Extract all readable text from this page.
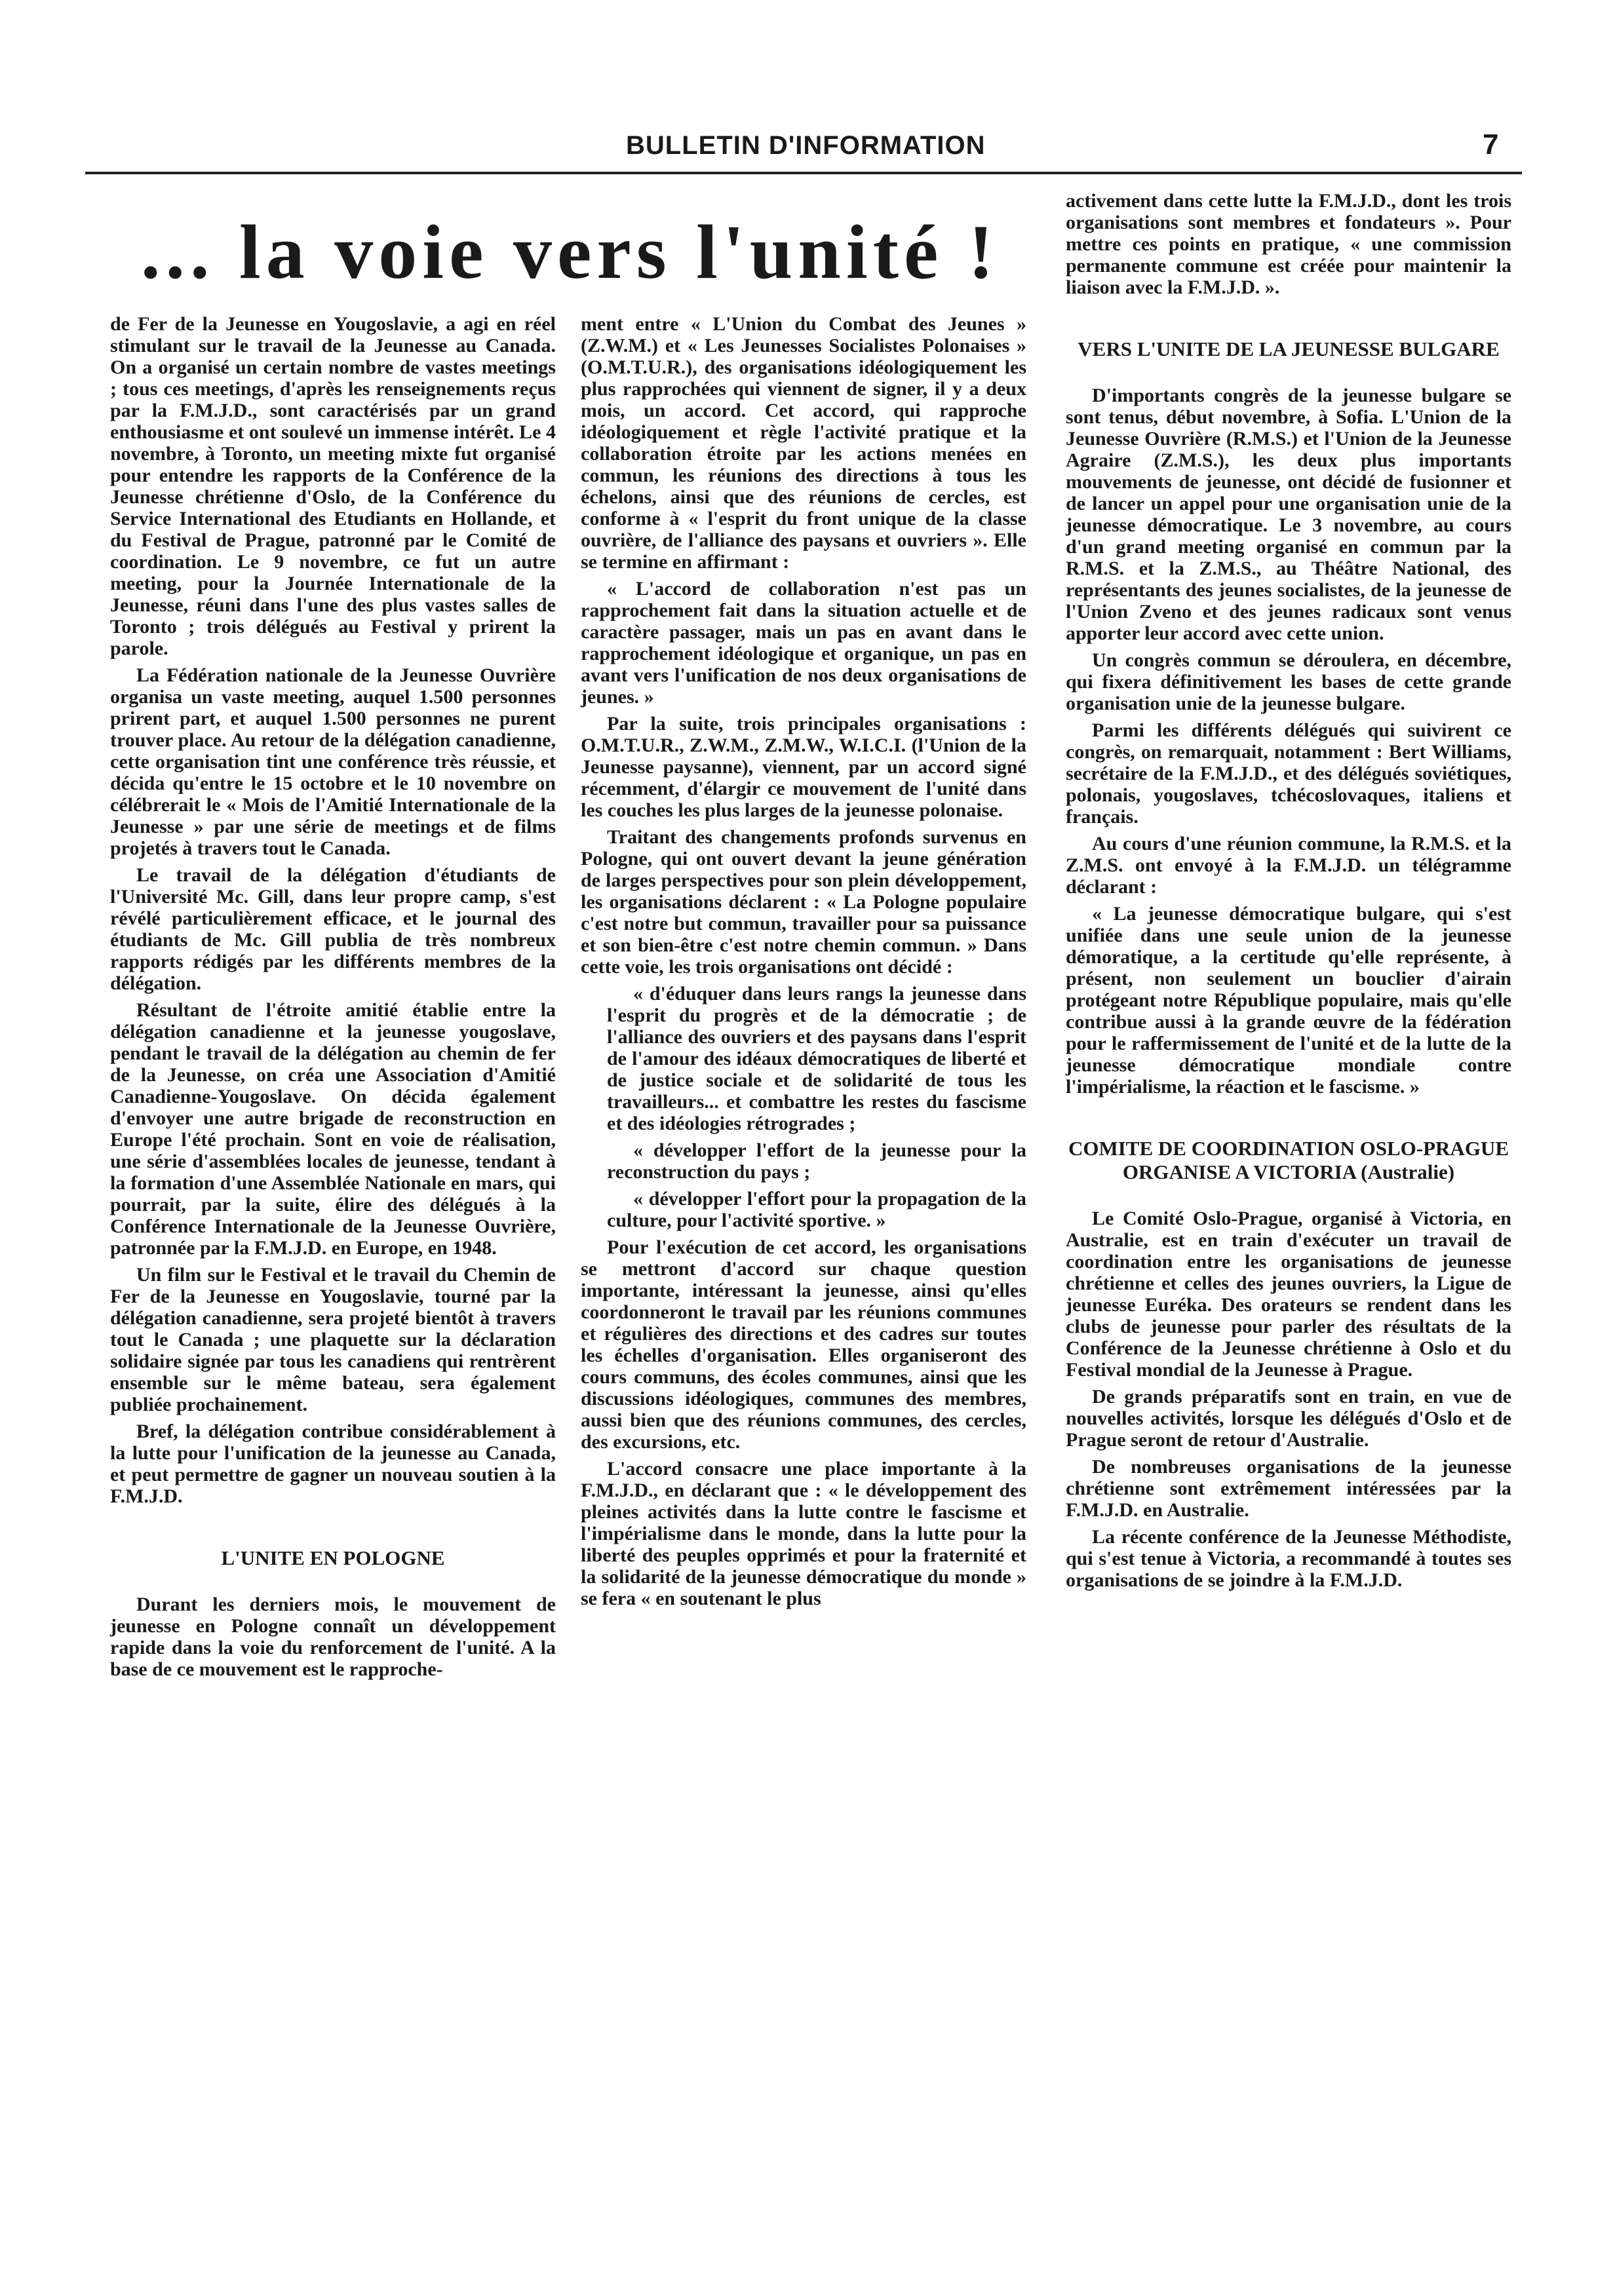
BULLETIN D'INFORMATION	7
... la voie vers l'unité !

de Fer de la Jeunesse en Yougoslavie, a agi en réel stimulant sur le travail de la Jeunesse au Canada. On a organisé un certain nombre de vastes meetings ; tous ces meetings, d'après les renseignements reçus par la F.M.J.D., sont caractérisés par un grand enthousiasme et ont soulevé un immense intérêt. Le 4 novembre, à Toronto, un meeting mixte fut organisé pour entendre les rapports de la Conférence de la Jeunesse chrétienne d'Oslo, de la Conférence du Service International des Etudiants en Hollande, et du Festival de Prague, patronné par le Comité de coordination. Le 9 novembre, ce fut un autre meeting, pour la Journée Internationale de la Jeunesse, réuni dans l'une des plus vastes salles de Toronto ; trois délégués au Festival y prirent la parole.

La Fédération nationale de la Jeunesse Ouvrière organisa un vaste meeting, auquel 1.500 personnes prirent part, et auquel 1.500 personnes ne purent trouver place. Au retour de la délégation canadienne, cette organisation tint une conférence très réussie, et décida qu'entre le 15 octobre et le 10 novembre on célébrerait le « Mois de l'Amitié Internationale de la Jeunesse » par une série de meetings et de films projetés à travers tout le Canada.

Le travail de la délégation d'étudiants de l'Université Mc. Gill, dans leur propre camp, s'est révélé particulièrement efficace, et le journal des étudiants de Mc. Gill publia de très nombreux rapports rédigés par les différents membres de la délégation.

Résultant de l'étroite amitié établie entre la délégation canadienne et la jeunesse yougoslave, pendant le travail de la délégation au chemin de fer de la Jeunesse, on créa une Association d'Amitié Canadienne-Yougoslave. On décida également d'envoyer une autre brigade de reconstruction en Europe l'été prochain. Sont en voie de réalisation, une série d'assemblées locales de jeunesse, tendant à la formation d'une Assemblée Nationale en mars, qui pourrait, par la suite, élire des délégués à la Conférence Internationale de la Jeunesse Ouvrière, patronnée par la F.M.J.D. en Europe, en 1948.

Un film sur le Festival et le travail du Chemin de Fer de la Jeunesse en Yougoslavie, tourné par la délégation canadienne, sera projeté bientôt à travers tout le Canada ; une plaquette sur la déclaration solidaire signée par tous les canadiens qui rentrèrent ensemble sur le même bateau, sera également publiée prochainement.

Bref, la délégation contribue considérablement à la lutte pour l'unification de la jeunesse au Canada, et peut permettre de gagner un nouveau soutien à la F.M.J.D.

L'UNITE EN POLOGNE

Durant les derniers mois, le mouvement de jeunesse en Pologne connaît un développement rapide dans la voie du renforcement de l'unité. A la base de ce mouvement est le rapproche-

ment entre « L'Union du Combat des Jeunes » (Z.W.M.) et « Les Jeunesses Socialistes Polonaises » (O.M.T.U.R.), des organisations idéologiquement les plus rapprochées qui viennent de signer, il y a deux mois, un accord. Cet accord, qui rapproche idéologiquement et règle l'activité pratique et la collaboration étroite par les actions menées en commun, les réunions des directions à tous les échelons, ainsi que des réunions de cercles, est conforme à « l'esprit du front unique de la classe ouvrière, de l'alliance des paysans et ouvriers ». Elle se termine en affirmant :

« L'accord de collaboration n'est pas un rapprochement fait dans la situation actuelle et de caractère passager, mais un pas en avant dans le rapprochement idéologique et organique, un pas en avant vers l'unification de nos deux organisations de jeunes. »

Par la suite, trois principales organisations : O.M.T.U.R., Z.W.M., Z.M.W., W.I.C.I. (l'Union de la Jeunesse paysanne), viennent, par un accord signé récemment, d'élargir ce mouvement de l'unité dans les couches les plus larges de la jeunesse polonaise.

Traitant des changements profonds survenus en Pologne, qui ont ouvert devant la jeune génération de larges perspectives pour son plein développement, les organisations déclarent : « La Pologne populaire c'est notre but commun, travailler pour sa puissance et son bien-être c'est notre chemin commun. » Dans cette voie, les trois organisations ont décidé :

« d'éduquer dans leurs rangs la jeunesse dans l'esprit du progrès et de la démocratie ; de l'alliance des ouvriers et des paysans dans l'esprit de l'amour des idéaux démocratiques de liberté et de justice sociale et de solidarité de tous les travailleurs... et combattre les restes du fascisme et des idéologies rétrogrades ;

« développer l'effort de la jeunesse pour la reconstruction du pays ;

« développer l'effort pour la propagation de la culture, pour l'activité sportive. »

Pour l'exécution de cet accord, les organisations se mettront d'accord sur chaque question importante, intéressant la jeunesse, ainsi qu'elles coordonneront le travail par les réunions communes et régulières des directions et des cadres sur toutes les échelles d'organisation. Elles organiseront des cours communs, des écoles communes, ainsi que les discussions idéologiques, communes des membres, aussi bien que des réunions communes, des cercles, des excursions, etc.

L'accord consacre une place importante à la F.M.J.D., en déclarant que : « le développement des pleines activités dans la lutte contre le fascisme et l'impérialisme dans le monde, dans la lutte pour la liberté des peuples opprimés et pour la fraternité et la solidarité de la jeunesse démocratique du monde » se fera « en soutenant le plus

activement dans cette lutte la F.M.J.D., dont les trois organisations sont membres et fondateurs ». Pour mettre ces points en pratique, « une commission permanente commune est créée pour maintenir la liaison avec la F.M.J.D. ».

VERS L'UNITE DE LA JEUNESSE BULGARE

D'importants congrès de la jeunesse bulgare se sont tenus, début novembre, à Sofia. L'Union de la Jeunesse Ouvrière (R.M.S.) et l'Union de la Jeunesse Agraire (Z.M.S.), les deux plus importants mouvements de jeunesse, ont décidé de fusionner et de lancer un appel pour une organisation unie de la jeunesse démocratique. Le 3 novembre, au cours d'un grand meeting organisé en commun par la R.M.S. et la Z.M.S., au Théâtre National, des représentants des jeunes socialistes, de la jeunesse de l'Union Zveno et des jeunes radicaux sont venus apporter leur accord avec cette union.

Un congrès commun se déroulera, en décembre, qui fixera définitivement les bases de cette grande organisation unie de la jeunesse bulgare.

Parmi les différents délégués qui suivirent ce congrès, on remarquait, notamment : Bert Williams, secrétaire de la F.M.J.D., et des délégués soviétiques, polonais, yougoslaves, tchécoslovaques, italiens et français.

Au cours d'une réunion commune, la R.M.S. et la Z.M.S. ont envoyé à la F.M.J.D. un télégramme déclarant :

« La jeunesse démocratique bulgare, qui s'est unifiée dans une seule union de la jeunesse démoratique, a la certitude qu'elle représente, à présent, non seulement un bouclier d'airain protégeant notre République populaire, mais qu'elle contribue aussi à la grande œuvre de la fédération pour le raffermissement de l'unité et de la lutte de la jeunesse démocratique mondiale contre l'impérialisme, la réaction et le fascisme. »

COMITE DE COORDINATION OSLO-PRAGUE ORGANISE A VICTORIA (Australie)

Le Comité Oslo-Prague, organisé à Victoria, en Australie, est en train d'exécuter un travail de coordination entre les organisations de jeunesse chrétienne et celles des jeunes ouvriers, la Ligue de jeunesse Euréka. Des orateurs se rendent dans les clubs de jeunesse pour parler des résultats de la Conférence de la Jeunesse chrétienne à Oslo et du Festival mondial de la Jeunesse à Prague.

De grands préparatifs sont en train, en vue de nouvelles activités, lorsque les délégués d'Oslo et de Prague seront de retour d'Australie.

De nombreuses organisations de la jeunesse chrétienne sont extrêmement intéressées par la F.M.J.D. en Australie.

La récente conférence de la Jeunesse Méthodiste, qui s'est tenue à Victoria, a recommandé à toutes ses organisations de se joindre à la F.M.J.D.
